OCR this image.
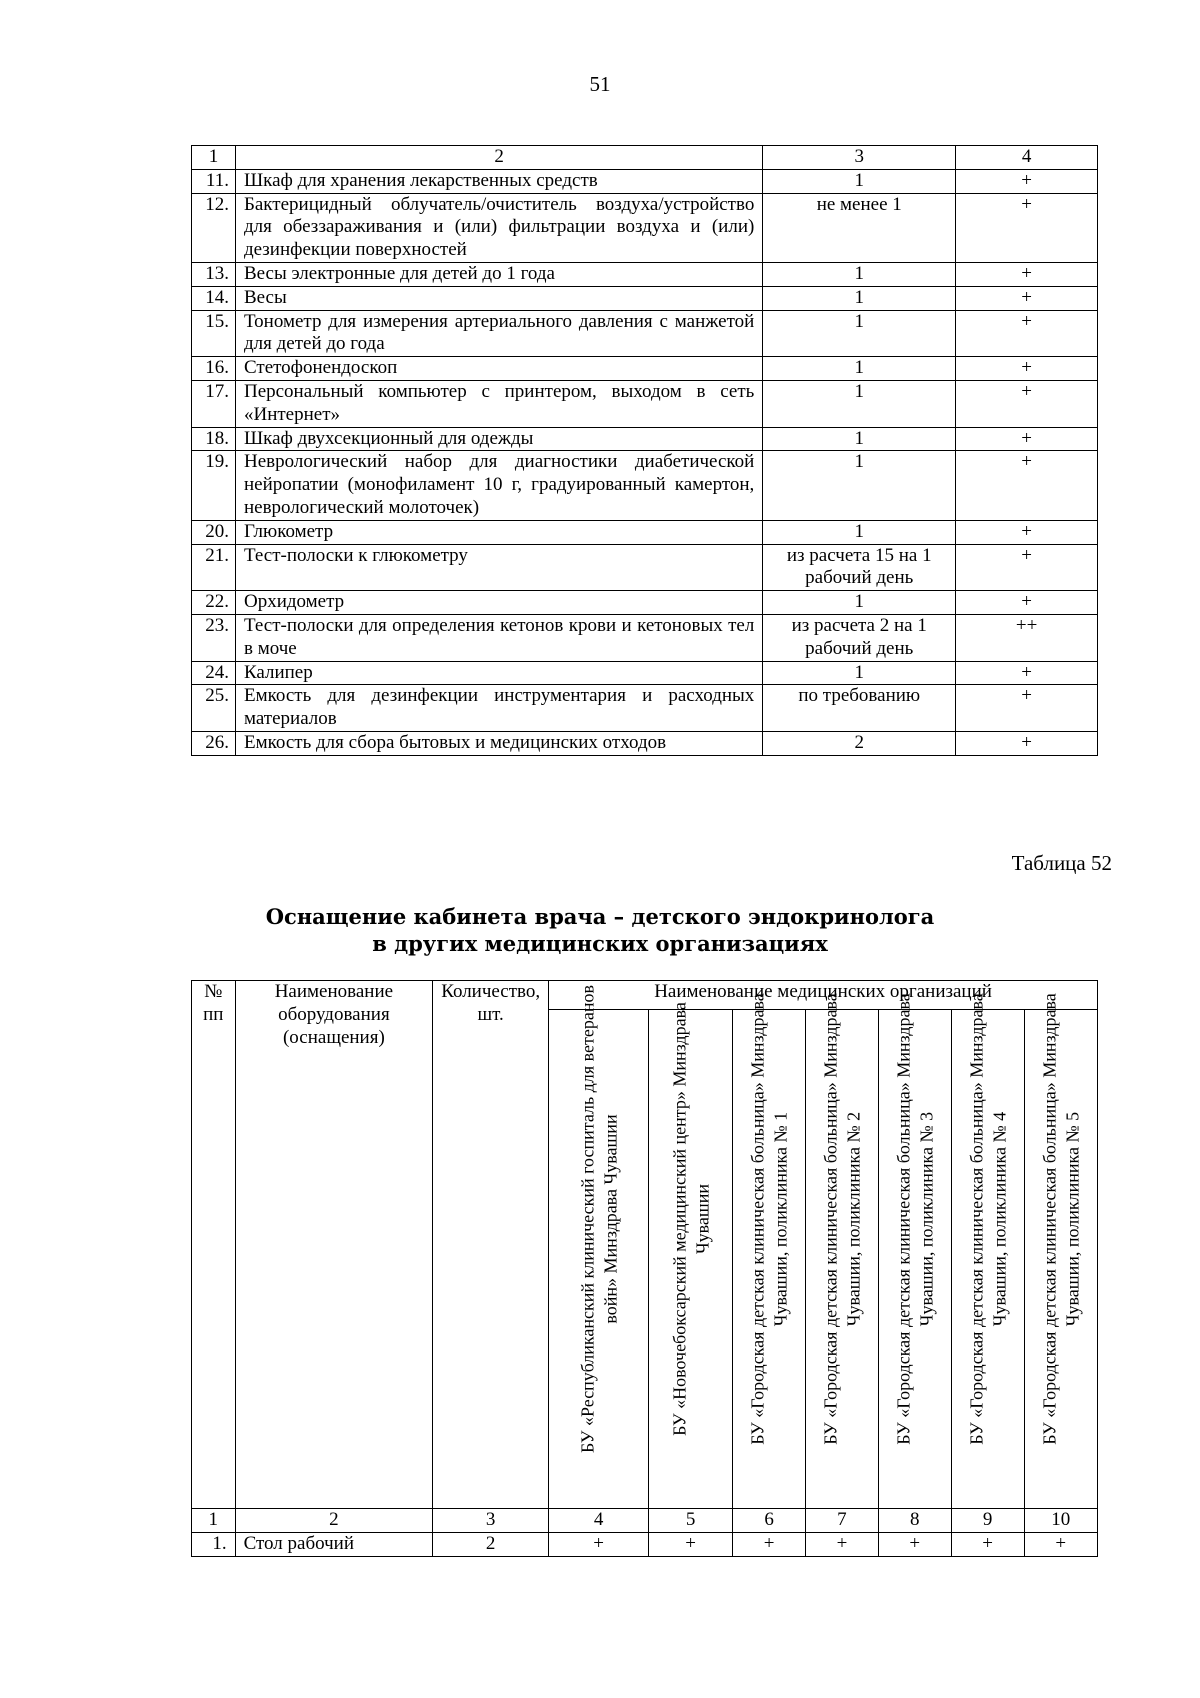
51
1	2	3	4
11.	Шкаф для хранения лекарственных средств	1	+
12.	Бактерицидный облучатель/очиститель воздуха/устройство для обеззараживания и (или) фильтрации воздуха и (или) дезинфекции поверхностей	не менее 1	+
13.	Весы электронные для детей до 1 года	1	+
14.	Весы	1	+
15.	Тонометр для измерения артериального давления с манжетой для детей до года	1	+
16.	Стетофонендоскоп	1	+
17.	Персональный компьютер с принтером, выходом в сеть «Интернет»	1	+
18.	Шкаф двухсекционный для одежды	1	+
19.	Неврологический набор для диагностики диабетической нейропатии (монофиламент 10 г, градуированный камертон, неврологический молоточек)	1	+
20.	Глюкометр	1	+
21.	Тест-полоски к глюкометру	из расчета 15 на 1 рабочий день	+
22.	Орхидометр	1	+
23.	Тест-полоски для определения кетонов крови и кетоновых тел в моче	из расчета 2 на 1 рабочий день	++
24.	Калипер	1	+
25.	Емкость для дезинфекции инструментария и расходных материалов	по требованию	+
26.	Емкость для сбора бытовых и медицинских отходов	2	+
Таблица 52
Оснащение кабинета врача – детского эндокринолога
в других медицинских организациях
№ пп	Наименование оборудования (оснащения)	Количество, шт.	Наименование медицинских организаций						

			БУ «Республиканский клинический госпиталь для ветеранов войн» Минздрава Чувашии	БУ «Новочебоксарский медицинский центр» Минздрава Чувашии	БУ «Городская детская клиническая больница» Минздрава Чувашии, поликлиника № 1	БУ «Городская детская клиническая больница» Минздрава Чувашии, поликлиника № 2	БУ «Городская детская клиническая больница» Минздрава Чувашии, поликлиника № 3	БУ «Городская детская клиническая больница» Минздрава Чувашии, поликлиника № 4	БУ «Городская детская клиническая больница» Минздрава Чувашии, поликлиника № 5

1	2	3	4	5	6	7	8	9	10
1.	Стол рабочий	2	+	+	+	+	+	+	+
